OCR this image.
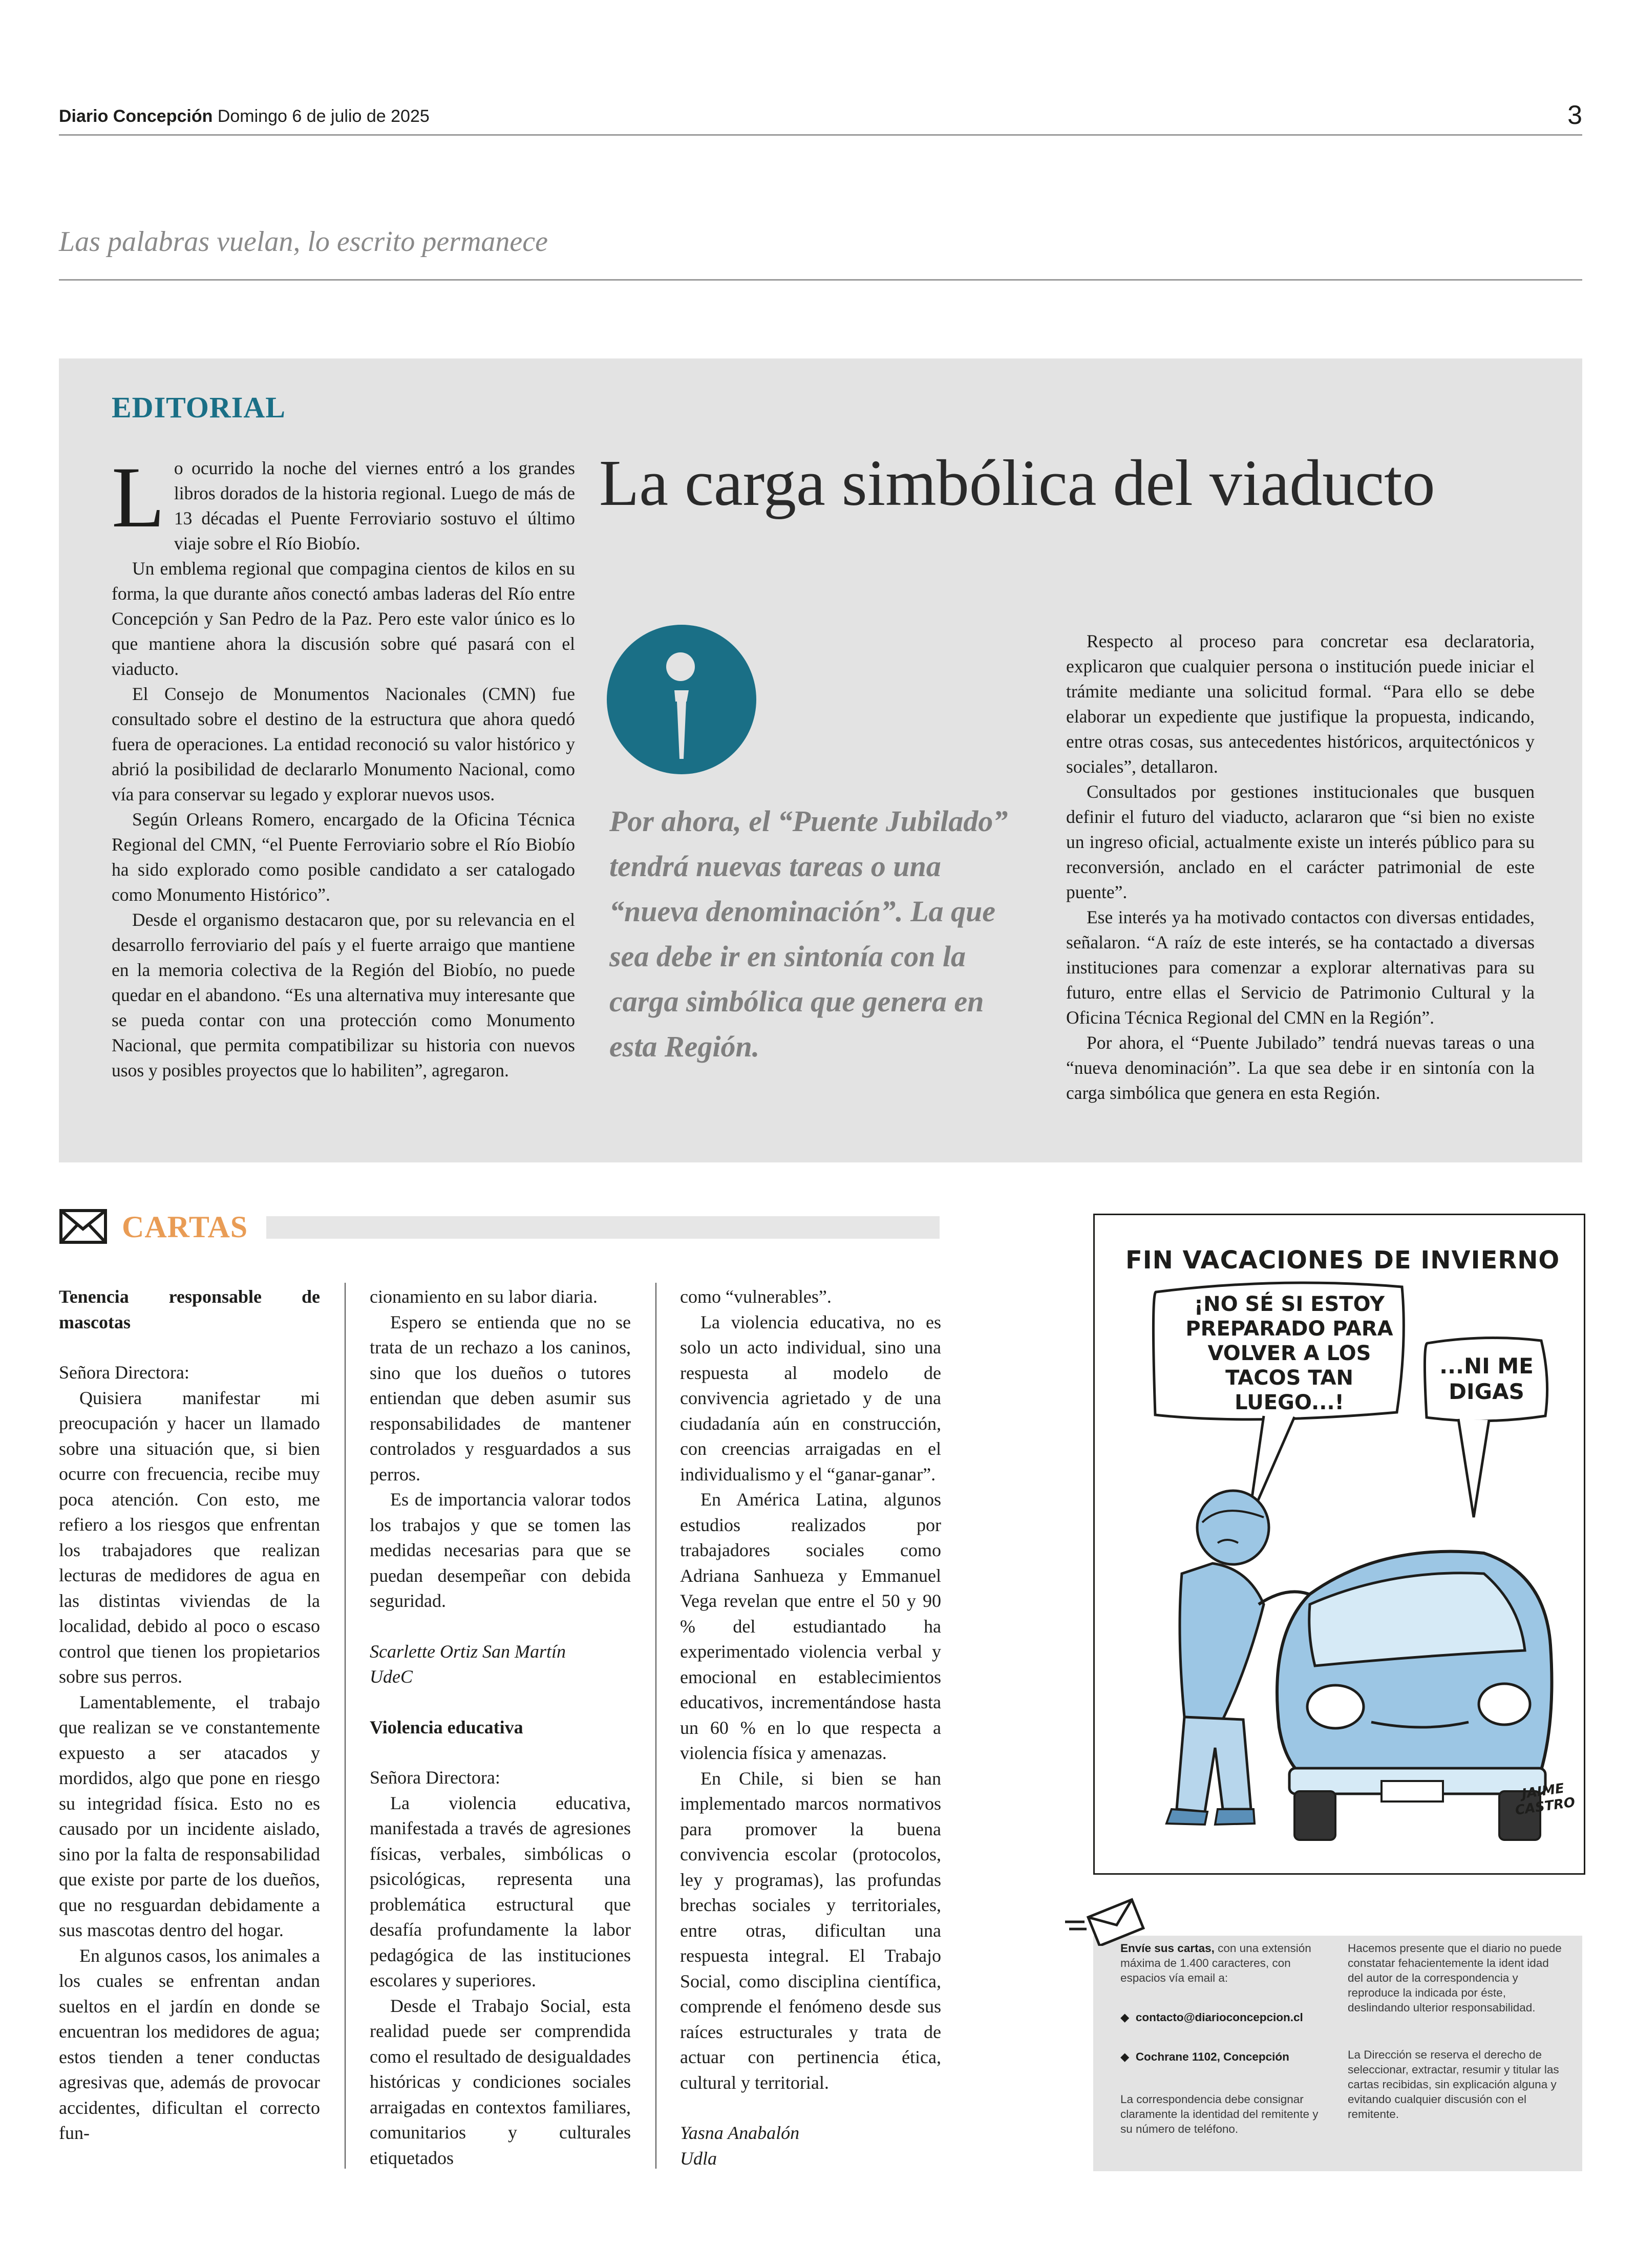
Diario Concepción Domingo 6 de julio de 2025	3
Las palabras vuelan, lo escrito permanece
EDITORIAL
La carga simbólica del viaducto

Lo ocurrido la noche del viernes entró a los grandes libros dorados de la historia regional. Luego de más de 13 décadas el Puente Ferroviario sostuvo el último viaje sobre el Río Biobío.

Un emblema regional que compagina cientos de kilos en su forma, la que durante años conectó ambas laderas del Río entre Concepción y San Pedro de la Paz. Pero este valor único es lo que mantiene ahora la discusión sobre qué pasará con el viaducto.

El Consejo de Monumentos Nacionales (CMN) fue consultado sobre el destino de la estructura que ahora quedó fuera de operaciones. La entidad reconoció su valor histórico y abrió la posibilidad de declararlo Monumento Nacional, como vía para conservar su legado y explorar nuevos usos.

Según Orleans Romero, encargado de la Oficina Técnica Regional del CMN, “el Puente Ferroviario sobre el Río Biobío ha sido explorado como posible candidato a ser catalogado como Monumento Histórico”.

Desde el organismo destacaron que, por su relevancia en el desarrollo ferroviario del país y el fuerte arraigo que mantiene en la memoria colectiva de la Región del Biobío, no puede quedar en el abandono. “Es una alternativa muy interesante que se pueda contar con una protección como Monumento Nacional, que permita compatibilizar su historia con nuevos usos y posibles proyectos que lo habiliten”, agregaron.

Por ahora, el “Puente Jubilado” tendrá nuevas tareas o una “nueva denominación”. La que sea debe ir en sintonía con la carga simbólica que genera en esta Región.

Respecto al proceso para concretar esa declaratoria, explicaron que cualquier persona o institución puede iniciar el trámite mediante una solicitud formal. “Para ello se debe elaborar un expediente que justifique la propuesta, indicando, entre otras cosas, sus antecedentes históricos, arquitectónicos y sociales”, detallaron.

Consultados por gestiones institucionales que busquen definir el futuro del viaducto, aclararon que “si bien no existe un ingreso oficial, actualmente existe un interés público para su reconversión, anclado en el carácter patrimonial de este puente”.

Ese interés ya ha motivado contactos con diversas entidades, señalaron. “A raíz de este interés, se ha contactado a diversas instituciones para comenzar a explorar alternativas para su futuro, entre ellas el Servicio de Patrimonio Cultural y la Oficina Técnica Regional del CMN en la Región”.

Por ahora, el “Puente Jubilado” tendrá nuevas tareas o una “nueva denominación”. La que sea debe ir en sintonía con la carga simbólica que genera en esta Región.

CARTAS

Tenencia responsable de mascotas

Señora Directora:

Quisiera manifestar mi preocupación y hacer un llamado sobre una situación que, si bien ocurre con frecuencia, recibe muy poca atención. Con esto, me refiero a los riesgos que enfrentan los trabajadores que realizan lecturas de medidores de agua en las distintas viviendas de la localidad, debido al poco o escaso control que tienen los propietarios sobre sus perros.

Lamentablemente, el trabajo que realizan se ve constantemente expuesto a ser atacados y mordidos, algo que pone en riesgo su integridad física. Esto no es causado por un incidente aislado, sino por la falta de responsabilidad que existe por parte de los dueños, que no resguardan debidamente a sus mascotas dentro del hogar.

En algunos casos, los animales a los cuales se enfrentan andan sueltos en el jardín en donde se encuentran los medidores de agua; estos tienden a tener conductas agresivas que, además de provocar accidentes, dificultan el correcto fun-

cionamiento en su labor diaria.

Espero se entienda que no se trata de un rechazo a los caninos, sino que los dueños o tutores entiendan que deben asumir sus responsabilidades de mantener controlados y resguardados a sus perros.

Es de importancia valorar todos los trabajos y que se tomen las medidas necesarias para que se puedan desempeñar con debida seguridad.

Scarlette Ortiz San Martín

UdeC

Violencia educativa

Señora Directora:

La violencia educativa, manifestada a través de agresiones físicas, verbales, simbólicas o psicológicas, representa una problemática estructural que desafía profundamente la labor pedagógica de las instituciones escolares y superiores.

Desde el Trabajo Social, esta realidad puede ser comprendida como el resultado de desigualdades históricas y condiciones sociales arraigadas en contextos familiares, comunitarios y culturales etiquetados

como “vulnerables”.

La violencia educativa, no es solo un acto individual, sino una respuesta al modelo de convivencia agrietado y de una ciudadanía aún en construcción, con creencias arraigadas en el individualismo y el “ganar-ganar”.

En América Latina, algunos estudios realizados por trabajadores sociales como Adriana Sanhueza y Emmanuel Vega revelan que entre el 50 y 90 % del estudiantado ha experimentado violencia verbal y emocional en establecimientos educativos, incrementándose hasta un 60 % en lo que respecta a violencia física y amenazas.

En Chile, si bien se han implementado marcos normativos para promover la buena convivencia escolar (protocolos, ley y programas), las profundas brechas sociales y territoriales, entre otras, dificultan una respuesta integral. El Trabajo Social, como disciplina científica, comprende el fenómeno desde sus raíces estructurales y trata de actuar con pertinencia ética, cultural y territorial.

Yasna Anabalón

Udla

FIN VACACIONES DE INVIERNO
¡NO SÉ SI ESTOY PREPARADO PARA VOLVER A LOS TACOS TAN LUEGO...!
...NI ME DIGAS
JAIME CASTRO
Envíe sus cartas, con una extensión máxima de 1.400 caracteres, con espacios vía email a:
◆  contacto@diarioconcepcion.cl
◆  Cochrane 1102, Concepción
La correspondencia debe consignar claramente la identidad del remitente y su número de teléfono.
Hacemos presente que el diario no puede constatar fehacientemente la ident idad del autor de la correspondencia y reproduce la indicada por éste, deslindando ulterior responsabilidad.
La Dirección se reserva el derecho de seleccionar, extractar, resumir y titular las cartas recibidas, sin explicación alguna y evitando cualquier discusión con el remitente.
